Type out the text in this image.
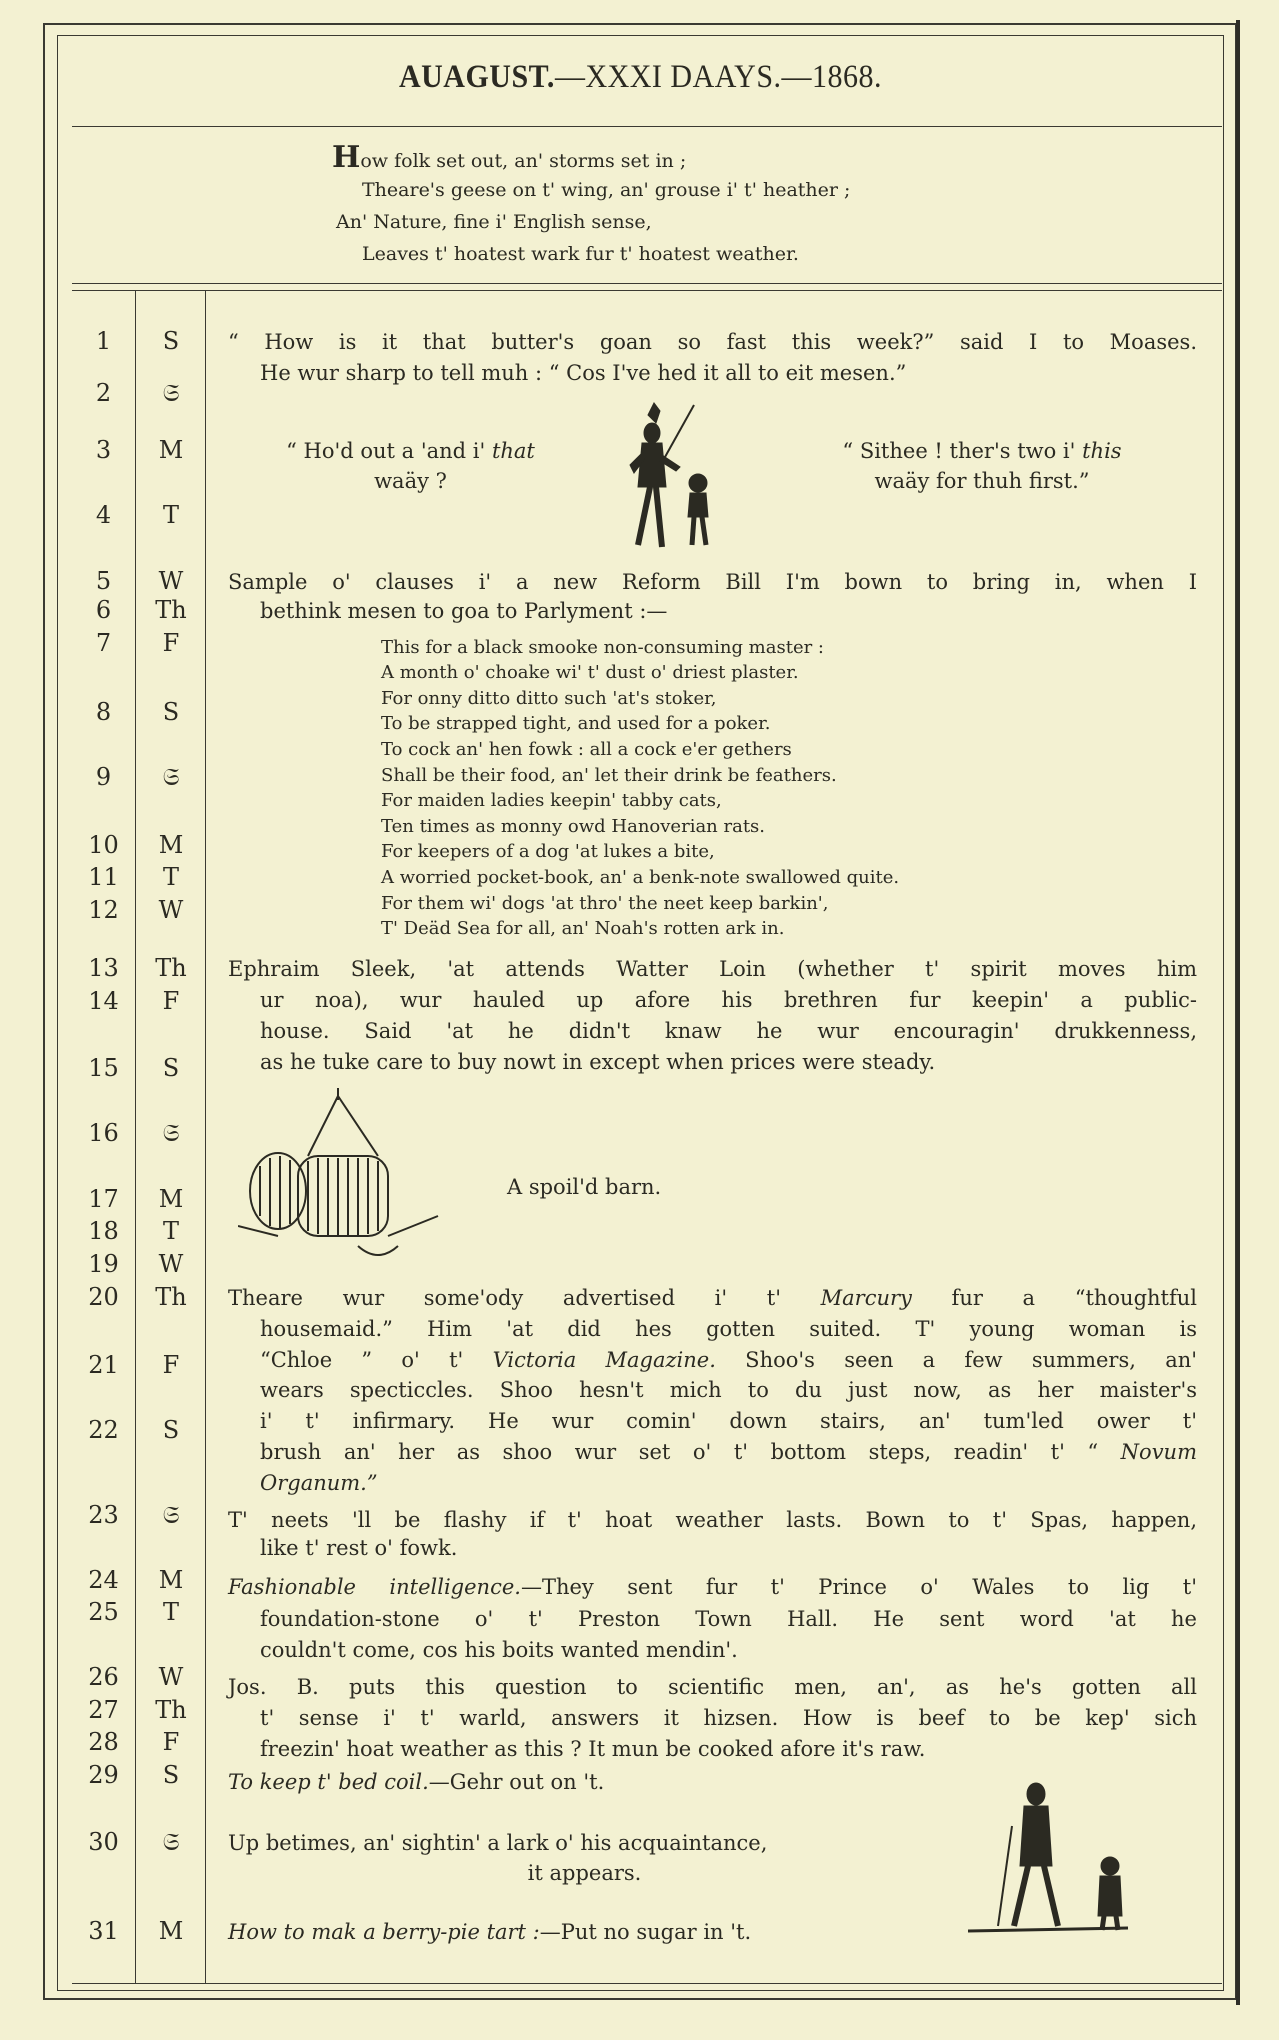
AUAGUST.—XXXI DAAYS.—1868.
How folk set out, an' storms set in ;
Theare's geese on t' wing, an' grouse i' t' heather ;
An' Nature, fine i' English sense,
Leaves t' hoatest wark fur t' hoatest weather.
1	S
2	𝔖
3	M
4	T
5	W
6	Th
7	F
8	S
9	𝔖
10	M
11	T
12	W
13	Th
14	F
15	S
16	𝔖
17	M
18	T
19	W
20	Th
21	F
22	S
23	𝔖
24	M
25	T
26	W
27	Th
28	F
29	S
30	𝔖
31	M
“ How is it that butter's goan so fast this week?” said I to Moases.
He wur sharp to tell muh : “ Cos I've hed it all to eit mesen.”
“ Ho'd out a 'and i' that
waäy ?
“ Sithee ! ther's two i' this
waäy for thuh first.”
Sample o' clauses i' a new Reform Bill I'm bown to bring in, when I
bethink mesen to goa to Parlyment :—
This for a black smooke non-consuming master :
A month o' choake wi' t' dust o' driest plaster.
For onny ditto ditto such 'at's stoker,
To be strapped tight, and used for a poker.
To cock an' hen fowk : all a cock e'er gethers
Shall be their food, an' let their drink be feathers.
For maiden ladies keepin' tabby cats,
Ten times as monny owd Hanoverian rats.
For keepers of a dog 'at lukes a bite,
A worried pocket-book, an' a benk-note swallowed quite.
For them wi' dogs 'at thro' the neet keep barkin',
T' Deäd Sea for all, an' Noah's rotten ark in.
Ephraim Sleek, 'at attends Watter Loin (whether t' spirit moves him
ur noa), wur hauled up afore his brethren fur keepin' a public-
house. Said 'at he didn't knaw he wur encouragin' drukkenness,
as he tuke care to buy nowt in except when prices were steady.
A spoil'd barn.
Theare wur some'ody advertised i' t' Marcury fur a “thoughtful
housemaid.” Him 'at did hes gotten suited. T' young woman is
“Chloe ” o' t' Victoria Magazine. Shoo's seen a few summers, an'
wears specticcles. Shoo hesn't mich to du just now, as her maister's
i' t' infirmary. He wur comin' down stairs, an' tum'led ower t'
brush an' her as shoo wur set o' t' bottom steps, readin' t' “ Novum
Organum.”
T' neets 'll be flashy if t' hoat weather lasts. Bown to t' Spas, happen,
like t' rest o' fowk.
Fashionable intelligence.—They sent fur t' Prince o' Wales to lig t'
foundation-stone o' t' Preston Town Hall. He sent word 'at he
couldn't come, cos his boits wanted mendin'.
Jos. B. puts this question to scientific men, an', as he's gotten all
t' sense i' t' warld, answers it hizsen. How is beef to be kep' sich
freezin' hoat weather as this ? It mun be cooked afore it's raw.
To keep t' bed coil.—Gehr out on 't.
Up betimes, an' sightin' a lark o' his acquaintance,
it appears.
How to mak a berry-pie tart :—Put no sugar in 't.
